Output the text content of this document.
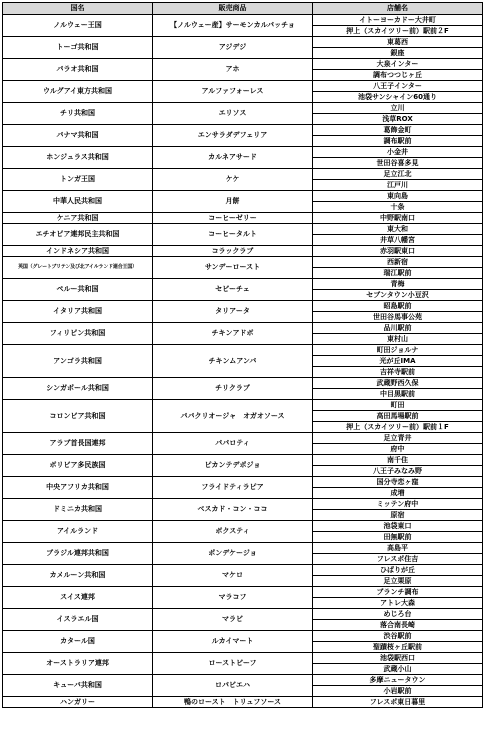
国名	販売商品	店舗名
ノルウェー王国	【ノルウェー産】サーモンカルパッチョ	イトーヨーカドー大井町
		押上（スカイツリー前）駅前２F
トーゴ共和国	アジデジ	東葛西
		銀座
パラオ共和国	アホ	大泉インター
		調布つつじヶ丘
ウルグアイ東方共和国	アルファフォーレス	八王子インター
		池袋サンシャイン60通り
チリ共和国	エリソス	立川
		浅草ROX
パナマ共和国	エンサラダデフェリア	葛飾金町
		調布駅前
ホンジュラス共和国	カルネアサード	小金井
		世田谷喜多見
トンガ王国	ケケ	足立江北
		江戸川
中華人民共和国	月餅	東向島
		十条
ケニア共和国	コーヒーゼリー	中野駅南口
エチオピア連邦民主共和国	コーヒータルト	東大和
		井草八幡宮
インドネシア共和国	コラックラブ	赤羽駅東口
英国（グレートブリテン及び北アイルランド連合王国）	サンデーロースト	西新宿
		瑞江駅前
ペルー共和国	セビーチェ	青梅
		セブンタウン小豆沢
イタリア共和国	タリアータ	昭島駅前
		世田谷馬事公苑
フィリピン共和国	チキンアドボ	品川駅前
		東村山
アンゴラ共和国	チキンムアンバ	町田ジョルナ
		光が丘IMA
		吉祥寺駅前
シンガポール共和国	チリクラブ	武蔵野西久保
		中目黒駅前
コロンビア共和国	パパクリオージャ　オガオソース	町田
		高田馬場駅前
		押上（スカイツリー前）駅前１F
アラブ首長国連邦	パパロティ	足立青井
		府中
ボリビア多民族国	ピカンテデポジョ	南千住
		八王子みなみ野
中央アフリカ共和国	フライドティラピア	国分寺恋ヶ窪
		成増
ドミニカ共和国	ベスカド・コン・ココ	ミッテン府中
		原宿
アイルランド	ボクスティ	池袋東口
		田無駅前
ブラジル連邦共和国	ポンデケージョ	高島平
		フレスポ住吉
カメルーン共和国	マケロ	ひばりが丘
		足立栗原
スイス連邦	マラコフ	ブランチ調布
		アトレ大森
イスラエル国	マラビ	めじろ台
		落合南長崎
カタール国	ルカイマート	渋谷駅前
		聖蹟桜ヶ丘駅前
オーストラリア連邦	ローストビーフ	池袋駅西口
		武蔵小山
キューバ共和国	ロパビエハ	多摩ニュータウン
		小岩駅前
ハンガリー	鴨のロースト　トリュフソース	フレスポ東日暮里
